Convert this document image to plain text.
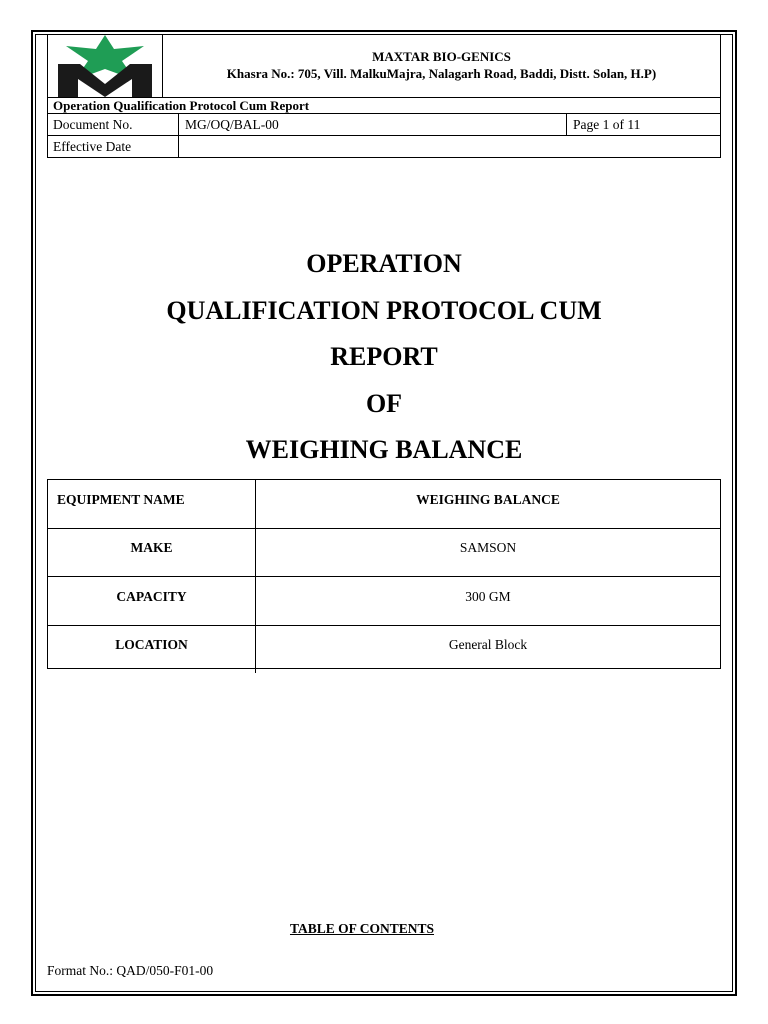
MAXTAR BIO-GENICS
Khasra No.: 705, Vill. MalkuMajra, Nalagarh Road, Baddi, Distt. Solan, H.P)
Operation Qualification Protocol Cum Report
Document No.	MG/OQ/BAL-00	Page 1 of 11
Effective Date
OPERATION
QUALIFICATION PROTOCOL CUM
REPORT
OF
WEIGHING BALANCE
EQUIPMENT NAME	WEIGHING BALANCE
MAKE	SAMSON
CAPACITY	300 GM
LOCATION	General Block
TABLE OF CONTENTS
Format No.: QAD/050-F01-00
